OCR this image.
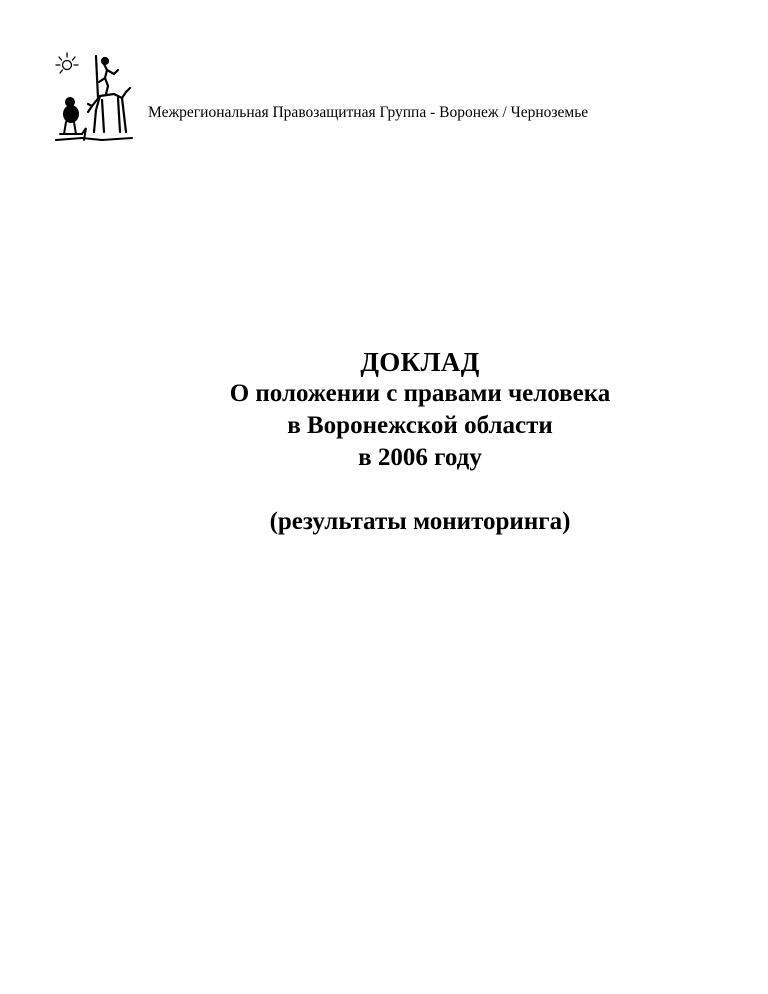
Межрегиональная Правозащитная Группа - Воронеж / Черноземье
ДОКЛАД
О положении с правами человека
в Воронежской области
в 2006 году
(результаты мониторинга)
